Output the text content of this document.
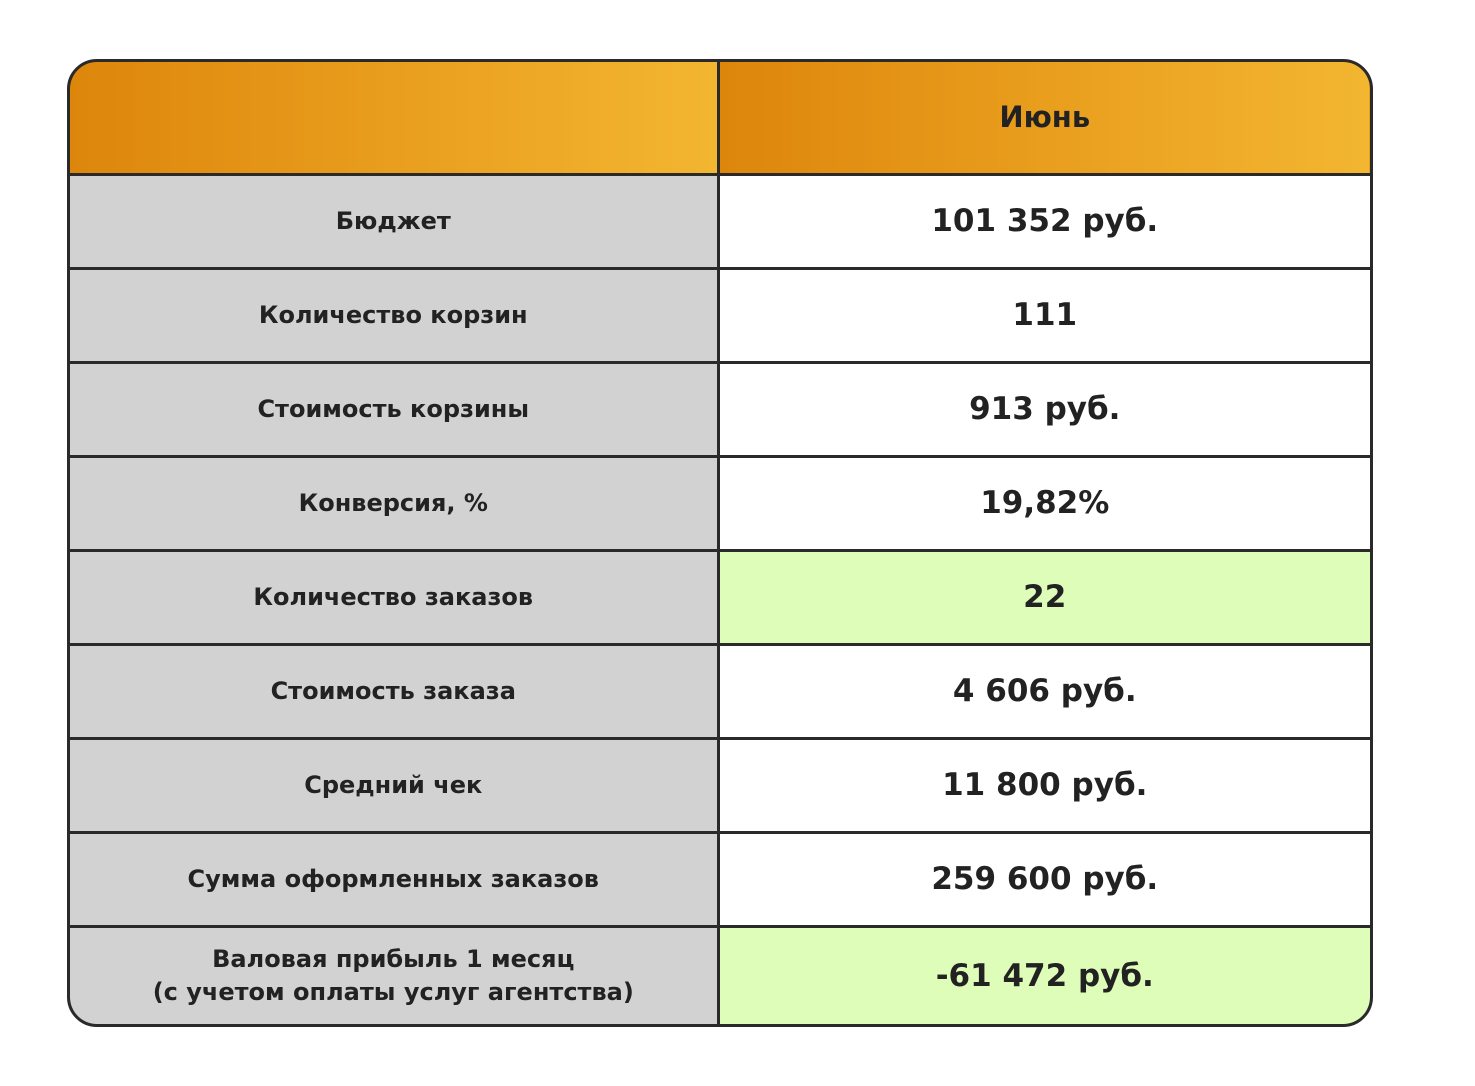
	Июнь
Бюджет	101 352 руб.
Количество корзин	111
Стоимость корзины	913 руб.
Конверсия, %	19,82%
Количество заказов	22
Стоимость заказа	4 606 руб.
Средний чек	11 800 руб.
Сумма оформленных заказов	259 600 руб.

Валовая прибыль 1 месяц
(с учетом оплаты услуг агентства)	-61 472 руб.
